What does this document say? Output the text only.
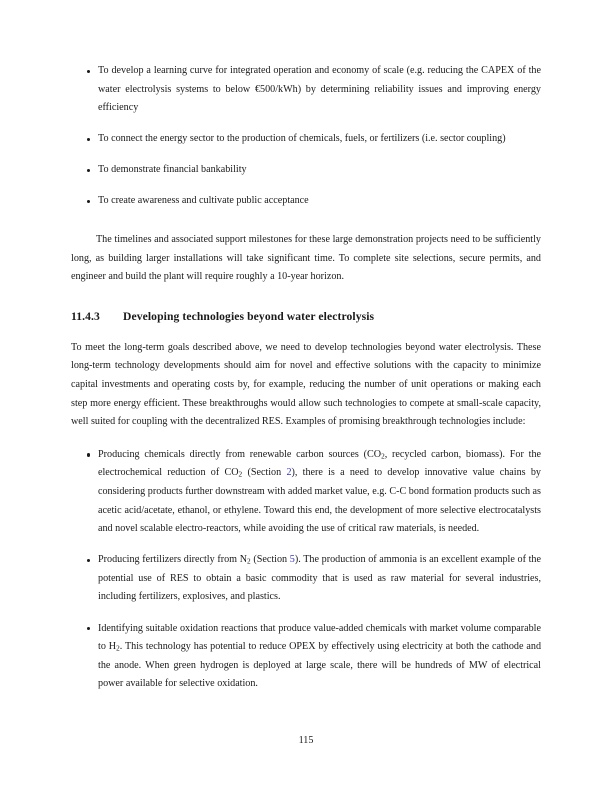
To develop a learning curve for integrated operation and economy of scale (e.g. reducing the CAPEX of the water electrolysis systems to below €500/kWh) by determining reliability issues and improving energy efficiency
To connect the energy sector to the production of chemicals, fuels, or fertilizers (i.e. sector coupling)
To demonstrate financial bankability
To create awareness and cultivate public acceptance

The timelines and associated support milestones for these large demonstration projects need to be sufficiently long, as building larger installations will take significant time. To complete site selections, secure permits, and engineer and build the plant will require roughly a 10-year horizon.

11.4.3 Developing technologies beyond water electrolysis

To meet the long-term goals described above, we need to develop technologies beyond water electrolysis. These long-term technology developments should aim for novel and effective solutions with the capacity to minimize capital investments and operating costs by, for example, reducing the number of unit operations or making each step more energy efficient. These breakthroughs would allow such technologies to compete at small-scale capacity, well suited for coupling with the decentralized RES. Examples of promising breakthrough technologies include:

Producing chemicals directly from renewable carbon sources ($CO_2$, recycled carbon, biomass). For the electrochemical reduction of $CO_2$ (Section 2), there is a need to develop innovative value chains by considering products further downstream with added market value, e.g. C-C bond formation products such as acetic acid/acetate, ethanol, or ethylene. Toward this end, the development of more selective electrocatalysts and novel scalable electro-reactors, while avoiding the use of critical raw materials, is needed.
Producing fertilizers directly from $N_2$ (Section 5). The production of ammonia is an excellent example of the potential use of RES to obtain a basic commodity that is used as raw material for several industries, including fertilizers, explosives, and plastics.
Identifying suitable oxidation reactions that produce value-added chemicals with market volume comparable to $H_2$. This technology has potential to reduce OPEX by effectively using electricity at both the cathode and the anode. When green hydrogen is deployed at large scale, there will be hundreds of MW of electrical power available for selective oxidation.
115
